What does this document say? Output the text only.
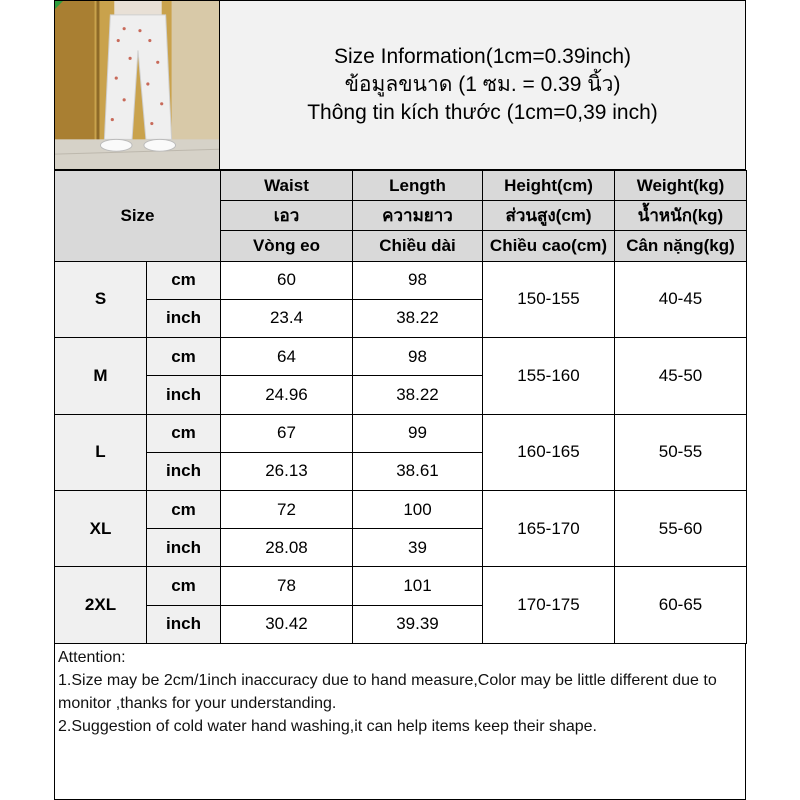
Size Information(1cm=0.39inch)
ข้อมูลขนาด (1 ซม. = 0.39 นิ้ว)
Thông tin kích thước (1cm=0,39 inch)
Size		Waist	Length	Height(cm)	Weight(kg)
		เอว	ความยาว	ส่วนสูง(cm)	น้ำหนัก(kg)
		Vòng eo	Chiều dài	Chiều cao(cm)	Cân nặng(kg)
S	cm	60	98	150-155	40-45
	inch	23.4	38.22		
M	cm	64	98	155-160	45-50
	inch	24.96	38.22		
L	cm	67	99	160-165	50-55
	inch	26.13	38.61		
XL	cm	72	100	165-170	55-60
	inch	28.08	39		
2XL	cm	78	101	170-175	60-65
	inch	30.42	39.39		

Attention:

1.Size may be 2cm/1inch inaccuracy due to hand measure,Color may be little different due to monitor ,thanks for your understanding.

2.Suggestion of cold water hand washing,it can help items keep their shape.
